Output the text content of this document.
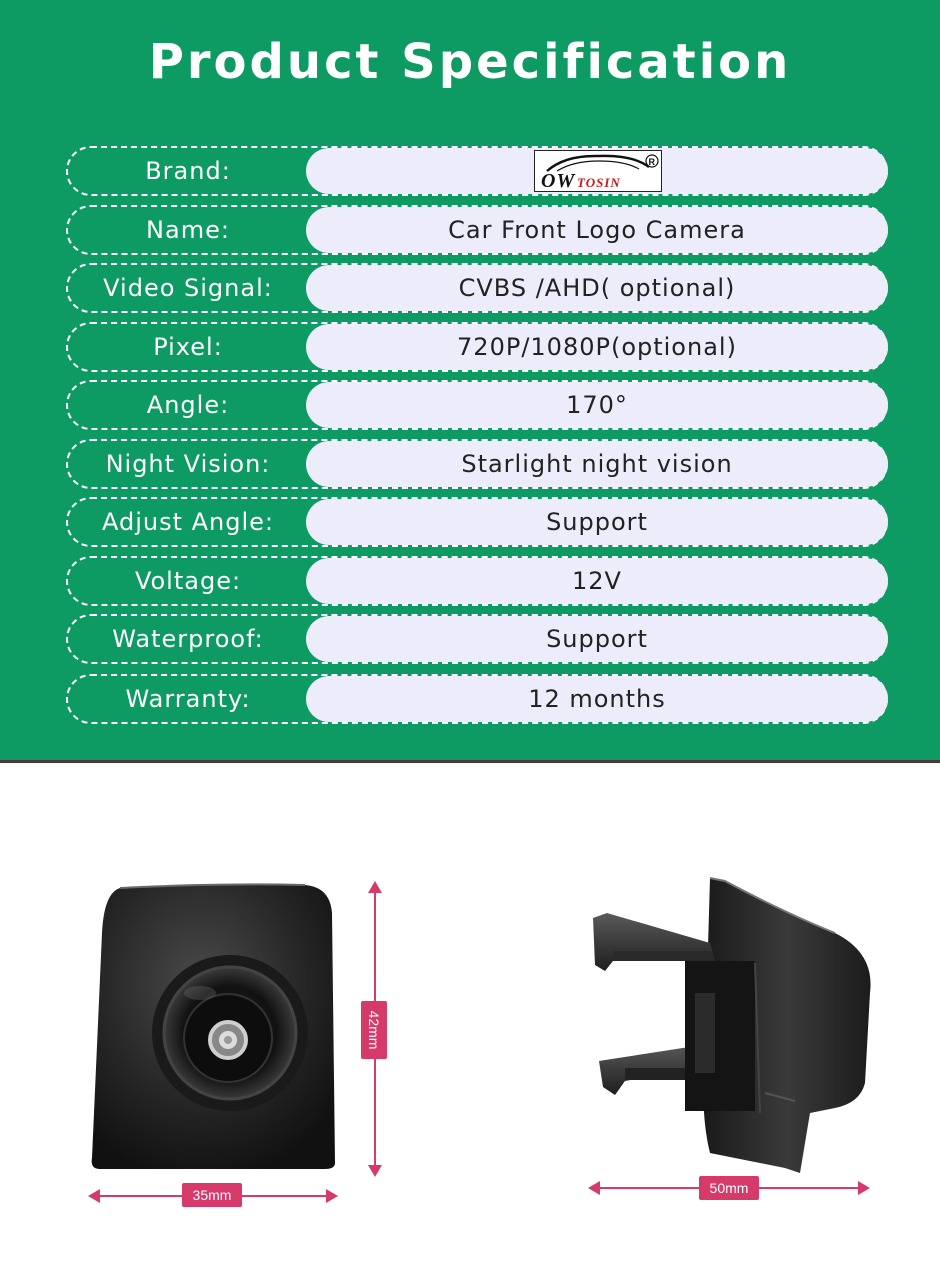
Product Specification
Brand:	OW TOSIN
R
Name:	Car Front Logo Camera
Video Signal:	CVBS /AHD( optional)
Pixel:	720P/1080P(optional)
Angle:	170°
Night Vision:	Starlight night vision
Adjust Angle:	Support
Voltage:	12V
Waterproof:	Support
Warranty:	12 months
42mm
35mm	50mm
